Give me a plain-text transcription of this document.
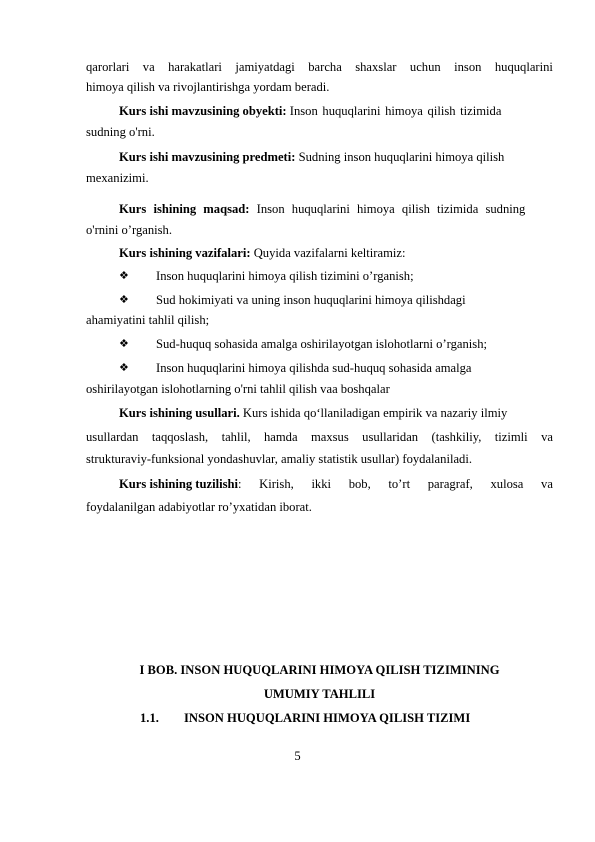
qarorlari va harakatlari jamiyatdagi barcha shaxslar uchun inson huquqlarini
himoya qilish va rivojlantirishga yordam beradi.
Kurs ishi mavzusining obyekti: Inson huquqlarini himoya qilish tizimida
sudning o'rni.
Kurs ishi mavzusining predmeti: Sudning inson huquqlarini himoya qilish
mexanizimi.
Kurs ishining maqsad: Inson huquqlarini himoya qilish tizimida sudning
o'rnini o’rganish.
Kurs ishining vazifalari: Quyida vazifalarni keltiramiz:
❖	Inson huquqlarini himoya qilish tizimini o’rganish;
❖	Sud hokimiyati va uning inson huquqlarini himoya qilishdagi
ahamiyatini tahlil qilish;
❖	Sud-huquq sohasida amalga oshirilayotgan islohotlarni o’rganish;
❖	Inson huquqlarini himoya qilishda sud-huquq sohasida amalga
oshirilayotgan islohotlarning o'rni tahlil qilish vaa boshqalar
Kurs ishining usullari. Kurs ishida qo‘llaniladigan empirik va nazariy ilmiy
usullardan taqqoslash, tahlil, hamda maxsus usullaridan (tashkiliy, tizimli va
strukturaviy-funksional yondashuvlar, amaliy statistik usullar) foydalaniladi.
Kurs ishining tuzilishi: Kirish, ikki bob, to’rt paragraf, xulosa va
foydalanilgan adabiyotlar ro’yxatidan iborat.
I BOB. INSON HUQUQLARINI HIMOYA QILISH TIZIMINING
UMUMIY TAHLILI
1.1. INSON HUQUQLARINI HIMOYA QILISH TIZIMI
5
